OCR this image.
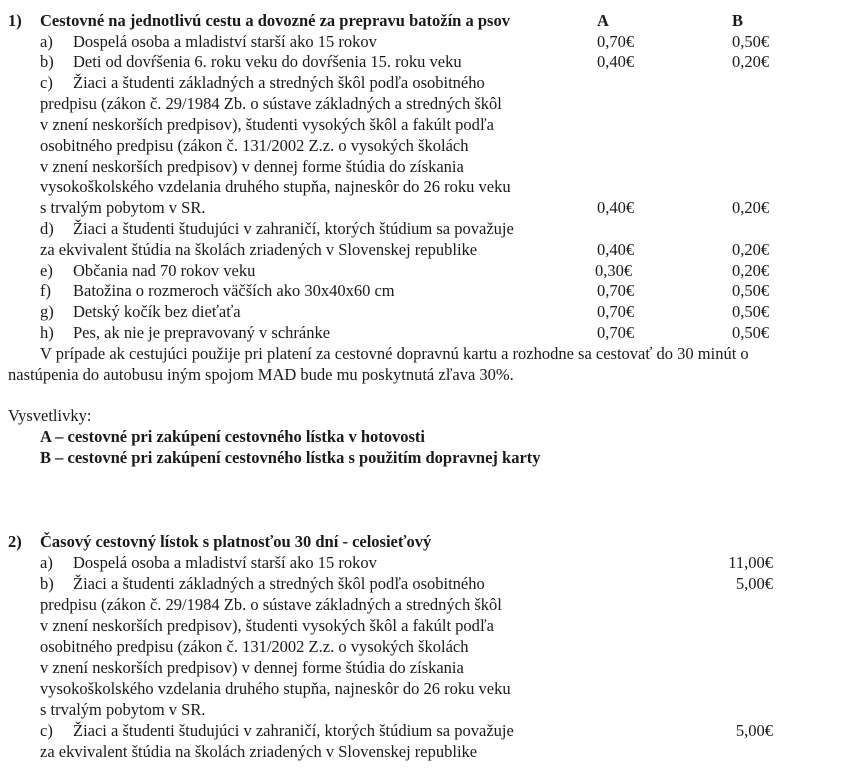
1) Cestovné na jednotlivú cestu a dovozné za prepravu batožín a psov	A	B
a) Dospelá osoba a mladiství starší ako 15 rokov	0,70€	0,50€
b) Deti od dovŕšenia 6. roku veku do dovŕšenia 15. roku veku	0,40€	0,20€
c) Žiaci a študenti základných a stredných škôl podľa osobitného
predpisu (zákon č. 29/1984 Zb. o sústave základných a stredných škôl
v znení neskorších predpisov), študenti vysokých škôl a fakúlt podľa
osobitného predpisu (zákon č. 131/2002 Z.z. o vysokých školách
v znení neskorších predpisov) v dennej forme štúdia do získania
vysokoškolského vzdelania druhého stupňa, najneskôr do 26 roku veku
s trvalým pobytom v SR.	0,40€	0,20€
d) Žiaci a študenti študujúci v zahraničí, ktorých štúdium sa považuje
za ekvivalent štúdia na školách zriadených v Slovenskej republike	0,40€	0,20€
e) Občania nad 70 rokov veku	0,30€	0,20€
f) Batožina o rozmeroch väčších ako 30x40x60 cm	0,70€	0,50€
g) Detský kočík bez dieťaťa	0,70€	0,50€
h) Pes, ak nie je prepravovaný v schránke	0,70€	0,50€
V prípade ak cestujúci použije pri platení za cestovné dopravnú kartu a rozhodne sa cestovať do 30 minút o
nastúpenia do autobusu iným spojom MAD bude mu poskytnutá zľava 30%.
Vysvetlivky:
A – cestovné pri zakúpení cestovného lístka v hotovosti
B – cestovné pri zakúpení cestovného lístka s použitím dopravnej karty
2) Časový cestovný lístok s platnosťou 30 dní - celosieťový
a) Dospelá osoba a mladiství starší ako 15 rokov	11,00€
b) Žiaci a študenti základných a stredných škôl podľa osobitného	5,00€
predpisu (zákon č. 29/1984 Zb. o sústave základných a stredných škôl
v znení neskorších predpisov), študenti vysokých škôl a fakúlt podľa
osobitného predpisu (zákon č. 131/2002 Z.z. o vysokých školách
v znení neskorších predpisov) v dennej forme štúdia do získania
vysokoškolského vzdelania druhého stupňa, najneskôr do 26 roku veku
s trvalým pobytom v SR.
c) Žiaci a študenti študujúci v zahraničí, ktorých štúdium sa považuje	5,00€
za ekvivalent štúdia na školách zriadených v Slovenskej republike
